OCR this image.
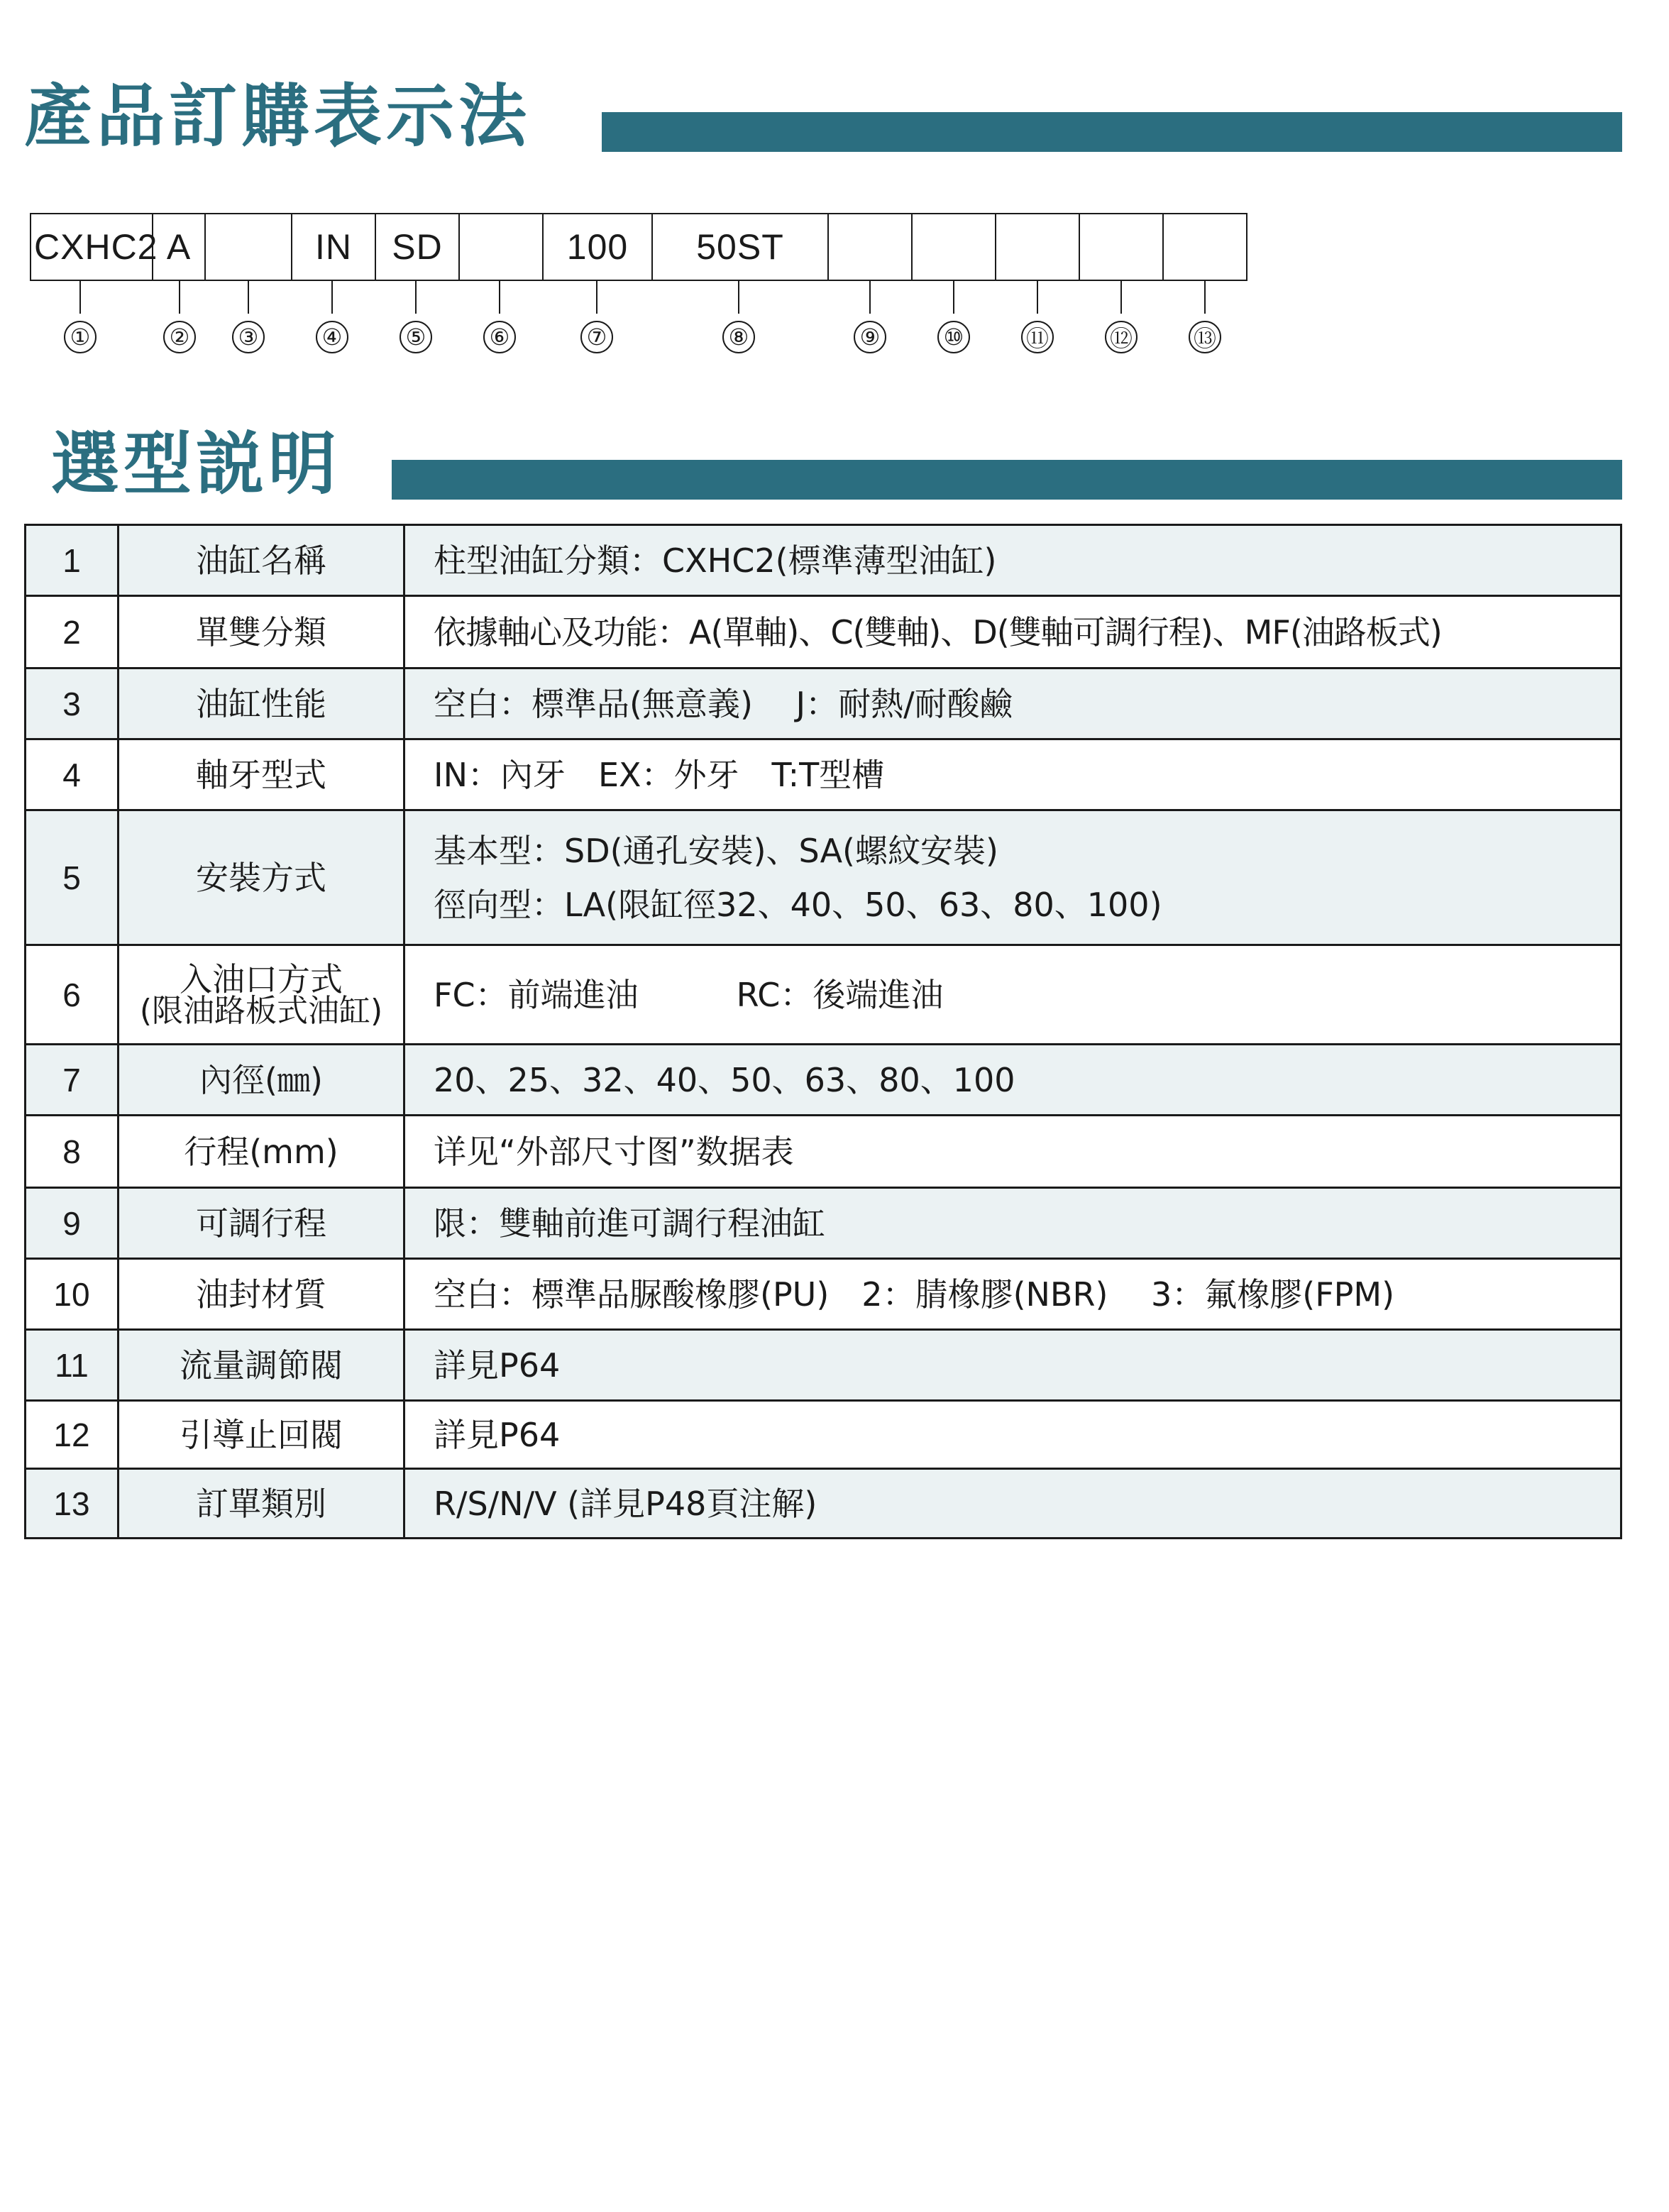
產品訂購表示法
CXHC2 A	IN	SD	100	50ST
①	② ③	④	⑤	⑥	⑦	⑧	⑨	⑩	⑪	⑫	⑬
選型説明
1	油缸名稱	柱型油缸分類：CXHC2(標準薄型油缸)

2	單雙分類	依據軸心及功能：A(單軸)、C(雙軸)、D(雙軸可調行程)、MF(油路板式)

3	油缸性能	空白：標準品(無意義)　 J：耐熱/耐酸鹼

4	軸牙型式	IN：內牙　EX：外牙　T:T型槽

5	安裝方式	基本型：SD(通孔安裝)、SA(螺紋安裝)
徑向型：LA(限缸徑32、40、50、63、80、100)

6	入油口方式
(限油路板式油缸)	FC：前端進油　　　RC：後端進油

7	內徑(㎜)	20、25、32、40、50、63、80、100

8	行程(mm)	详见“外部尺寸图”数据表

9	可調行程	限：雙軸前進可調行程油缸

10	油封材質	空白：標準品脲酸橡膠(PU)　2：腈橡膠(NBR)　 3：氟橡膠(FPM)

11	流量調節閥	詳見P64

12	引導止回閥	詳見P64

13	訂單類別	R/S/N/V (詳見P48頁注解)
